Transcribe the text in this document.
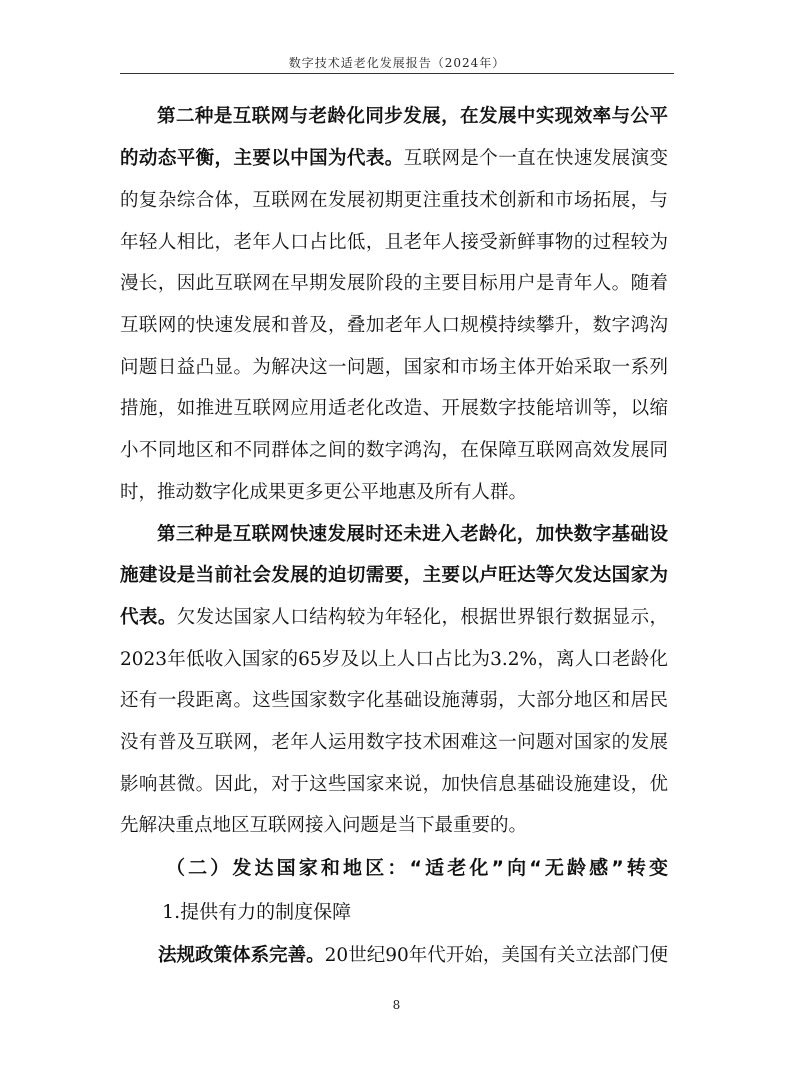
数字技术适老化发展报告（2024年）
第二种是互联网与老龄化同步发展，在发展中实现效率与公平
的动态平衡，主要以中国为代表。互联网是个一直在快速发展演变
的复杂综合体，互联网在发展初期更注重技术创新和市场拓展，与
年轻人相比，老年人口占比低，且老年人接受新鲜事物的过程较为
漫长，因此互联网在早期发展阶段的主要目标用户是青年人。随着
互联网的快速发展和普及，叠加老年人口规模持续攀升，数字鸿沟
问题日益凸显。为解决这一问题，国家和市场主体开始采取一系列
措施，如推进互联网应用适老化改造、开展数字技能培训等，以缩
小不同地区和不同群体之间的数字鸿沟，在保障互联网高效发展同
时，推动数字化成果更多更公平地惠及所有人群。
第三种是互联网快速发展时还未进入老龄化，加快数字基础设
施建设是当前社会发展的迫切需要，主要以卢旺达等欠发达国家为
代表。欠发达国家人口结构较为年轻化，根据世界银行数据显示，
2023年低收入国家的65岁及以上人口占比为3.2%，离人口老龄化
还有一段距离。这些国家数字化基础设施薄弱，大部分地区和居民
没有普及互联网，老年人运用数字技术困难这一问题对国家的发展
影响甚微。因此，对于这些国家来说，加快信息基础设施建设，优
先解决重点地区互联网接入问题是当下最重要的。
（二）发达国家和地区：“适老化”向“无龄感”转变
1.提供有力的制度保障
法规政策体系完善。20世纪90年代开始，美国有关立法部门便
8
